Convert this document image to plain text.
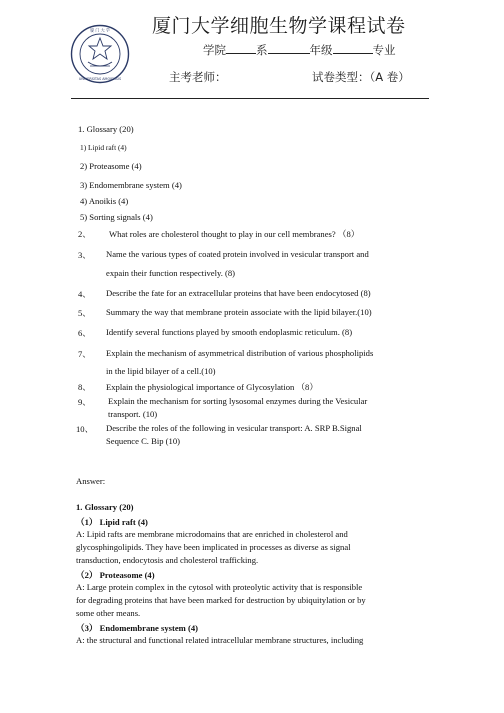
厦 门 大 学
UNIVERSITAS AMOIENSIS
厦门大学细胞生物学课程试卷
学院	系	年级	专业
主考老师：	试卷类型：（A 卷）
1. Glossary (20)
1) Lipid raft (4)
2) Proteasome (4)
3) Endomembrane system (4)
4) Anoikis (4)
5) Sorting signals (4)
2、 What roles are cholesterol thought to play in our cell membranes? （8）
3、 Name the various types of coated protein involved in vesicular transport and
expain their function respectively. (8)
4、 Describe the fate for an extracellular proteins that have been endocytosed (8)
5、 Summary the way that membrane protein associate with the lipid bilayer.(10)
6、 Identify several functions played by smooth endoplasmic reticulum. (8)
7、 Explain the mechanism of asymmetrical distribution of various phospholipids
in the lipid bilayer of a cell.(10)
8、 Explain the physiological importance of Glycosylation （8）
9、 Explain the mechanism for sorting lysosomal enzymes during the Vesicular
transport. (10)
10、 Describe the roles of the following in vesicular transport: A. SRP B.Signal
Sequence C. Bip (10)
Answer:
1. Glossary (20)
（1） Lipid raft (4)
A: Lipid rafts are membrane microdomains that are enriched in cholesterol and
glycosphingolipids. They have been implicated in processes as diverse as signal
transduction, endocytosis and cholesterol trafficking.
（2） Proteasome (4)
A: Large protein complex in the cytosol with proteolytic activity that is responsible
for degrading proteins that have been marked for destruction by ubiquitylation or by
some other means.
（3） Endomembrane system (4)
A: the structural and functional related intracellular membrane structures, including
